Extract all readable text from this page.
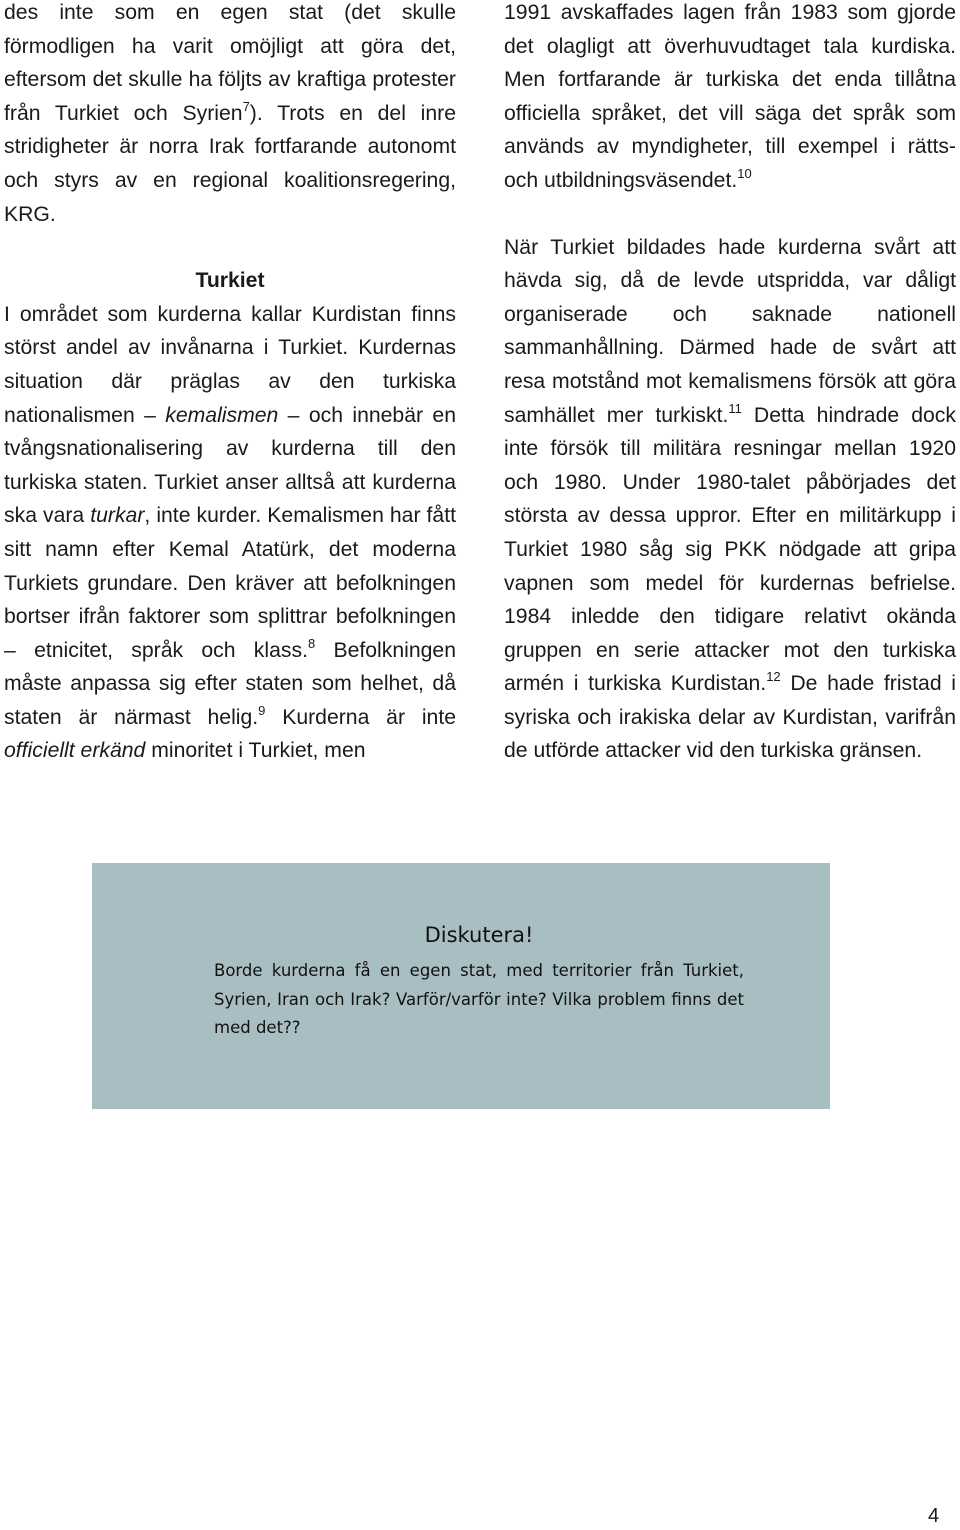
des inte som en egen stat (det skulle förmodligen ha varit omöjligt att göra det, eftersom det skulle ha följts av kraftiga protester från Turkiet och Syrien$^7$). Trots en del inre stridigheter är norra Irak fortfarande autonomt och styrs av en regional koalitionsregering, KRG.

Turkiet

I området som kurderna kallar Kurdistan finns störst andel av invånarna i Turkiet. Kurdernas situation där präglas av den turkiska nationalismen – kemalismen – och innebär en tvångsnationalisering av kurderna till den turkiska staten. Turkiet anser alltså att kurderna ska vara turkar, inte kurder. Kemalismen har fått sitt namn efter Kemal Atatürk, det moderna Turkiets grundare. Den kräver att befolkningen bortser ifrån faktorer som splittrar befolkningen – etnicitet, språk och klass.$^8$ Befolkningen måste anpassa sig efter staten som helhet, då staten är närmast helig.$^9$ Kurderna är inte officiellt erkänd minoritet i Turkiet, men

1991 avskaffades lagen från 1983 som gjorde det olagligt att överhuvudtaget tala kurdiska. Men fortfarande är turkiska det enda tillåtna officiella språket, det vill säga det språk som används av myndigheter, till exempel i rätts- och utbildningsväsendet.$^{10}$

När Turkiet bildades hade kurderna svårt att hävda sig, då de levde utspridda, var dåligt organiserade och saknade nationell sammanhållning. Därmed hade de svårt att resa motstånd mot kemalismens försök att göra samhället mer turkiskt.$^{11}$ Detta hindrade dock inte försök till militära resningar mellan 1920 och 1980. Under 1980-talet påbörjades det största av dessa uppror. Efter en militärkupp i Turkiet 1980 såg sig PKK nödgade att gripa vapnen som medel för kurdernas befrielse. 1984 inledde den tidigare relativt okända gruppen en serie attacker mot den turkiska armén i turkiska Kurdistan.$^{12}$ De hade fristad i syriska och irakiska delar av Kurdistan, varifrån de utförde attacker vid den turkiska gränsen.

Diskutera!

Borde kurderna få en egen stat, med territorier från Turkiet, Syrien, Iran och Irak? Varför/varför inte? Vilka problem finns det med det??

4
